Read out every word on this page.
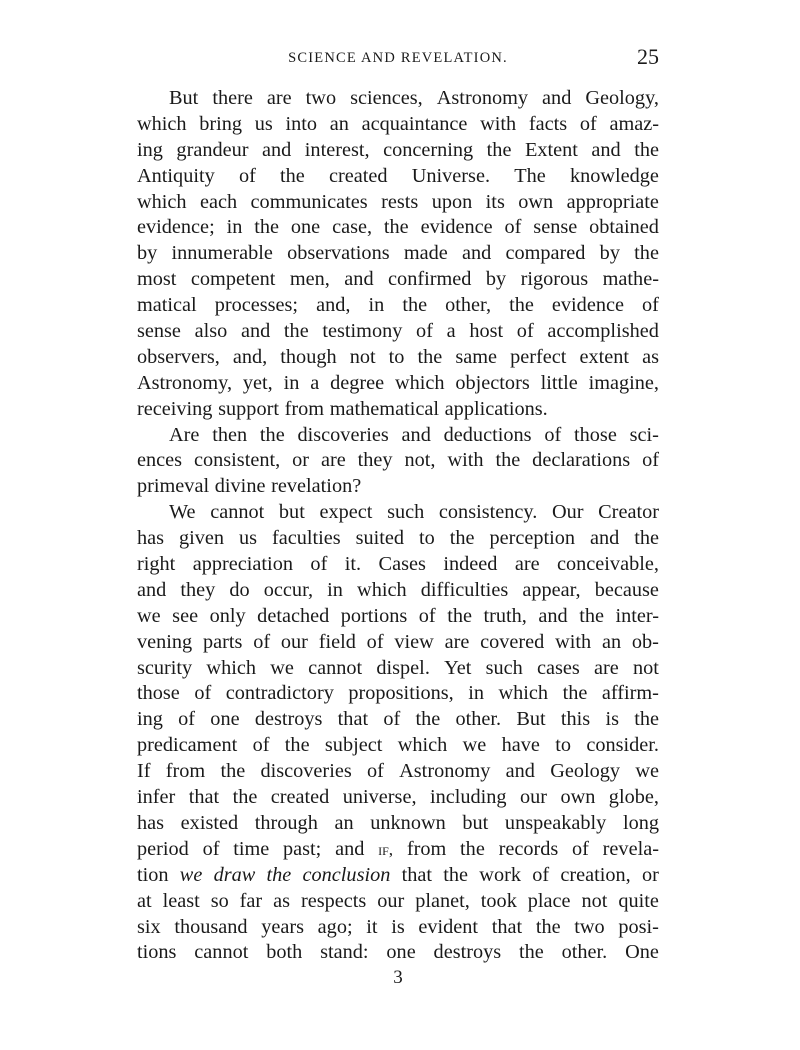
SCIENCE AND REVELATION.	25
But there are two sciences, Astronomy and Geology,
which bring us into an acquaintance with facts of amaz-
ing grandeur and interest, concerning the Extent and the
Antiquity of the created Universe. The knowledge
which each communicates rests upon its own appropriate
evidence; in the one case, the evidence of sense obtained
by innumerable observations made and compared by the
most competent men, and confirmed by rigorous mathe-
matical processes; and, in the other, the evidence of
sense also and the testimony of a host of accomplished
observers, and, though not to the same perfect extent as
Astronomy, yet, in a degree which objectors little imagine,
receiving support from mathematical applications.
Are then the discoveries and deductions of those sci-
ences consistent, or are they not, with the declarations of
primeval divine revelation?
We cannot but expect such consistency. Our Creator
has given us faculties suited to the perception and the
right appreciation of it. Cases indeed are conceivable,
and they do occur, in which difficulties appear, because
we see only detached portions of the truth, and the inter-
vening parts of our field of view are covered with an ob-
scurity which we cannot dispel. Yet such cases are not
those of contradictory propositions, in which the affirm-
ing of one destroys that of the other. But this is the
predicament of the subject which we have to consider.
If from the discoveries of Astronomy and Geology we
infer that the created universe, including our own globe,
has existed through an unknown but unspeakably long
period of time past; and if, from the records of revela-
tion we draw the conclusion that the work of creation, or
at least so far as respects our planet, took place not quite
six thousand years ago; it is evident that the two posi-
tions cannot both stand: one destroys the other. One
3
